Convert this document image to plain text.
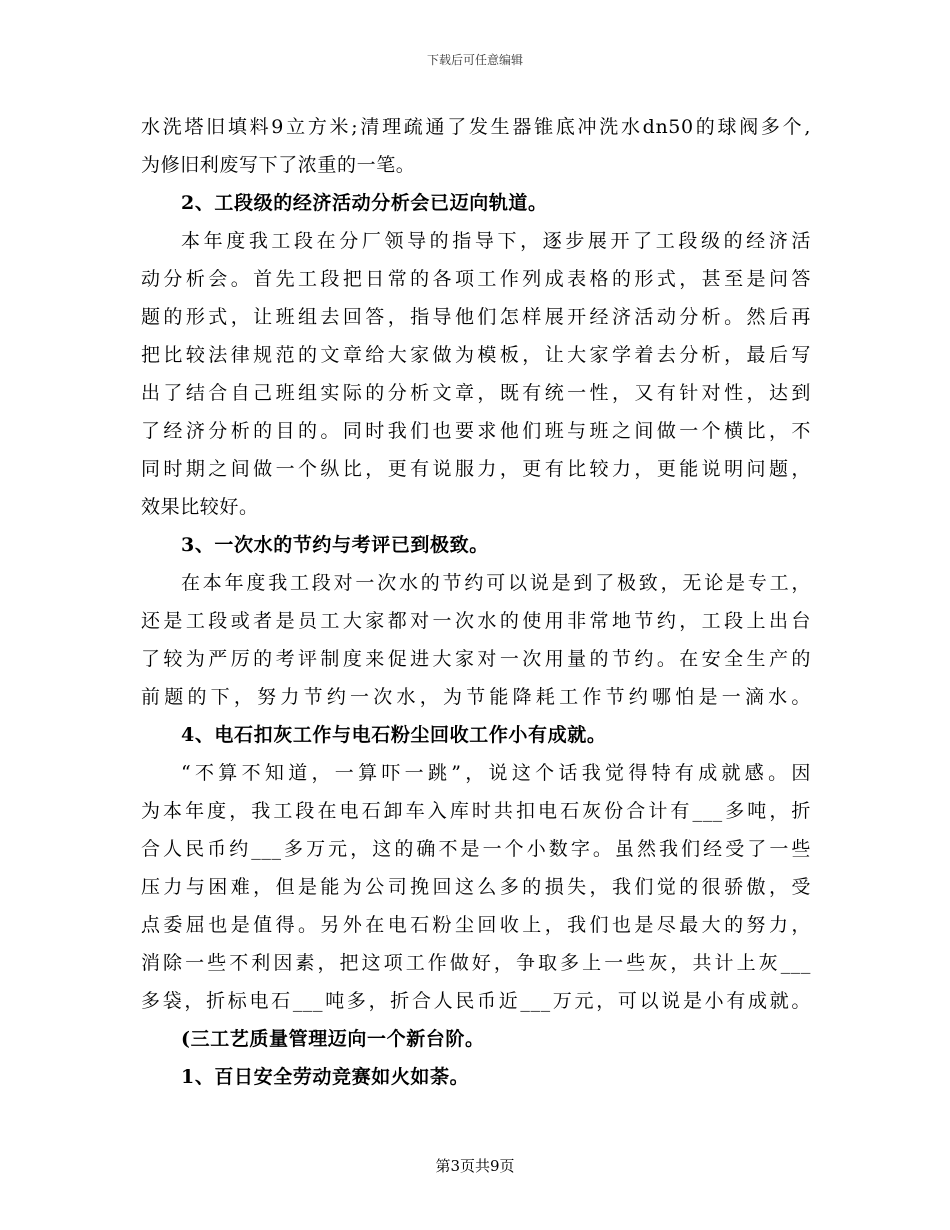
下载后可任意编辑
水洗塔旧填料9立方米;清理疏通了发生器锥底冲洗水dn50的球阀多个,
为修旧利废写下了浓重的一笔。
2、工段级的经济活动分析会已迈向轨道。
本年度我工段在分厂领导的指导下，逐步展开了工段级的经济活
动分析会。首先工段把日常的各项工作列成表格的形式，甚至是问答
题的形式，让班组去回答，指导他们怎样展开经济活动分析。然后再
把比较法律规范的文章给大家做为模板，让大家学着去分析，最后写
出了结合自己班组实际的分析文章，既有统一性，又有针对性，达到
了经济分析的目的。同时我们也要求他们班与班之间做一个横比，不
同时期之间做一个纵比，更有说服力，更有比较力，更能说明问题，
效果比较好。
3、一次水的节约与考评已到极致。
在本年度我工段对一次水的节约可以说是到了极致，无论是专工，
还是工段或者是员工大家都对一次水的使用非常地节约，工段上出台
了较为严厉的考评制度来促进大家对一次用量的节约。在安全生产的
前题的下，努力节约一次水，为节能降耗工作节约哪怕是一滴水。
4、电石扣灰工作与电石粉尘回收工作小有成就。
“不算不知道，一算吓一跳”，说这个话我觉得特有成就感。因
为本年度，我工段在电石卸车入库时共扣电石灰份合计有___多吨，折
合人民币约___多万元，这的确不是一个小数字。虽然我们经受了一些
压力与困难，但是能为公司挽回这么多的损失，我们觉的很骄傲，受
点委屈也是值得。另外在电石粉尘回收上，我们也是尽最大的努力，
消除一些不利因素，把这项工作做好，争取多上一些灰，共计上灰___
多袋，折标电石___吨多，折合人民币近___万元，可以说是小有成就。
(三工艺质量管理迈向一个新台阶。
1、百日安全劳动竞赛如火如荼。
第3页共9页
